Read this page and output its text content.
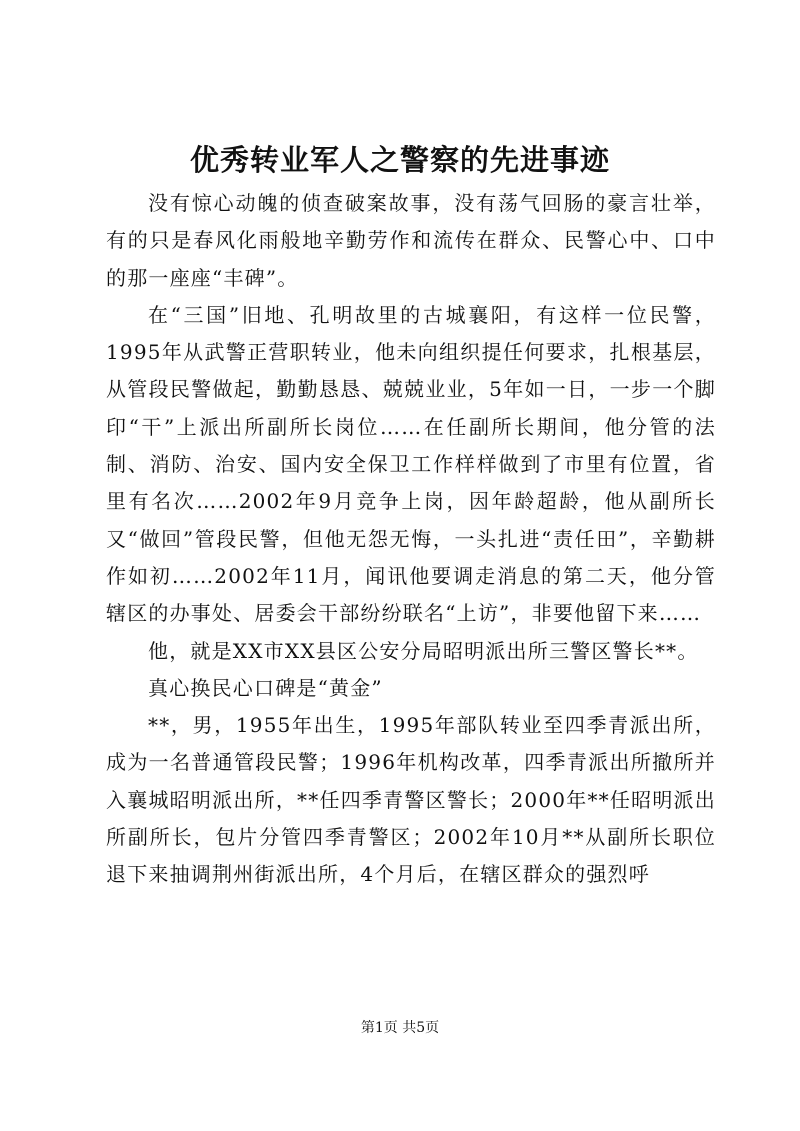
优秀转业军人之警察的先进事迹

没有惊心动魄的侦查破案故事，没有荡气回肠的豪言壮举，有的只是春风化雨般地辛勤劳作和流传在群众、民警心中、口中的那一座座“丰碑”。

在“三国”旧地、孔明故里的古城襄阳，有这样一位民警，1995年从武警正营职转业，他未向组织提任何要求，扎根基层，从管段民警做起，勤勤恳恳、兢兢业业，5年如一日，一步一个脚印“干”上派出所副所长岗位……在任副所长期间，他分管的法制、消防、治安、国内安全保卫工作样样做到了市里有位置，省里有名次……2002年9月竞争上岗，因年龄超龄，他从副所长又“做回”管段民警，但他无怨无悔，一头扎进“责任田”，辛勤耕作如初……2002年11月，闻讯他要调走消息的第二天，他分管辖区的办事处、居委会干部纷纷联名“上访”，非要他留下来……

他，就是XX市XX县区公安分局昭明派出所三警区警长**。

真心换民心口碑是“黄金”

**，男，1955年出生，1995年部队转业至四季青派出所，成为一名普通管段民警；1996年机构改革，四季青派出所撤所并入襄城昭明派出所，**任四季青警区警长；2000年**任昭明派出所副所长，包片分管四季青警区；2002年10月**从副所长职位退下来抽调荆州街派出所，4个月后，在辖区群众的强烈呼

第1页 共5页
